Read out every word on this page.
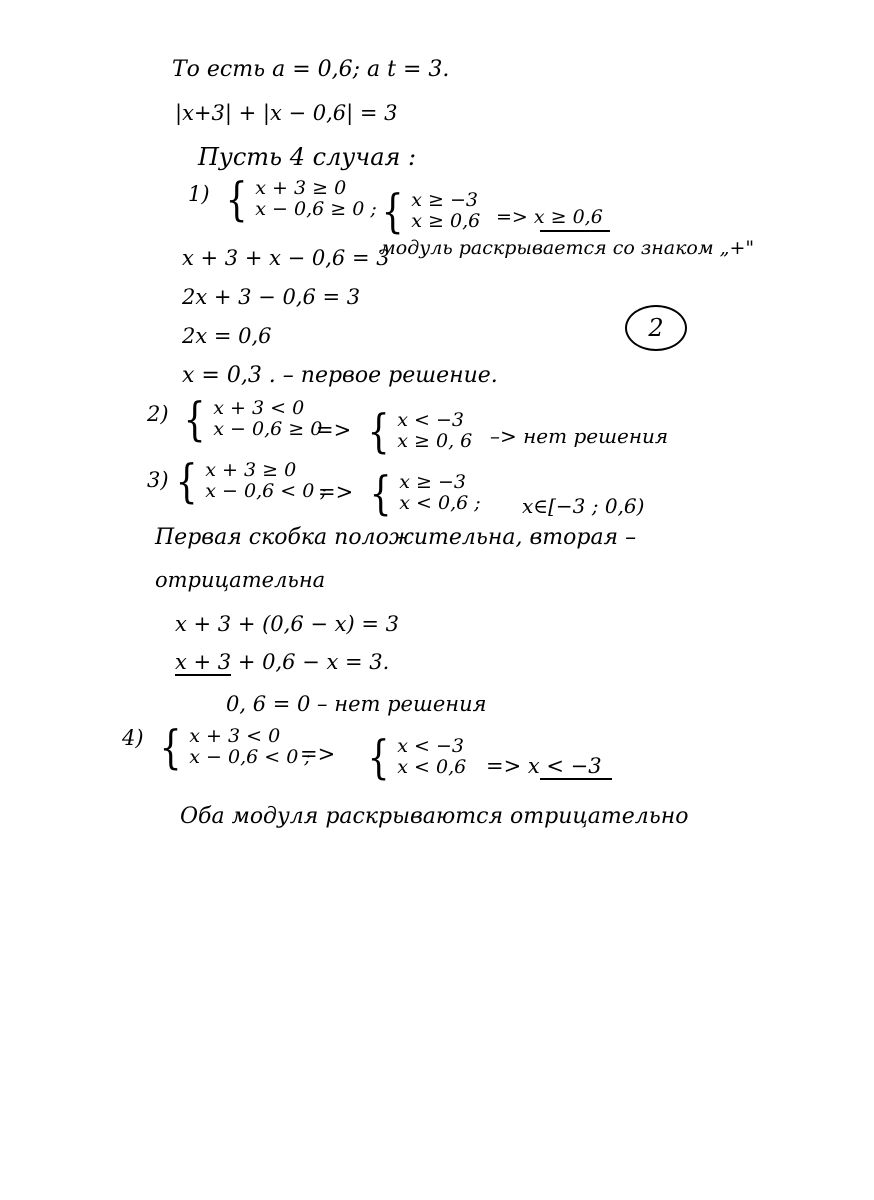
То есть a = 0,6; a t = 3.
|x+3| + |x − 0,6| = 3
Пусть 4 случая :
1) { x + 3 ≥ 0
x − 0,6 ≥ 0 ; { x ≥ −3
x ≥ 0,6 => x ≥ 0,6
модуль раскрывается со знаком „+"
x + 3 + x − 0,6 = 3
2x + 3 − 0,6 = 3
2x = 0,6	2
x = 0,3 . – первое решение.
2) { x + 3 < 0
x − 0,6 ≥ 0
=> { x < −3
x ≥ 0, 6 –> нет решения
3) { x + 3 ≥ 0
x − 0,6 < 0 ;
=> { x ≥ −3
x < 0,6 ; x∈[−3 ; 0,6)
Первая скобка положительна, вторая –
отрицательна
x + 3 + (0,6 − x) = 3
x + 3 + 0,6 − x = 3.
0, 6 = 0 – нет решения
4) { x + 3 < 0
x − 0,6 < 0 ;
=> { x < −3
x < 0,6 => x < −3
Оба модуля раскрываются отрицательно
